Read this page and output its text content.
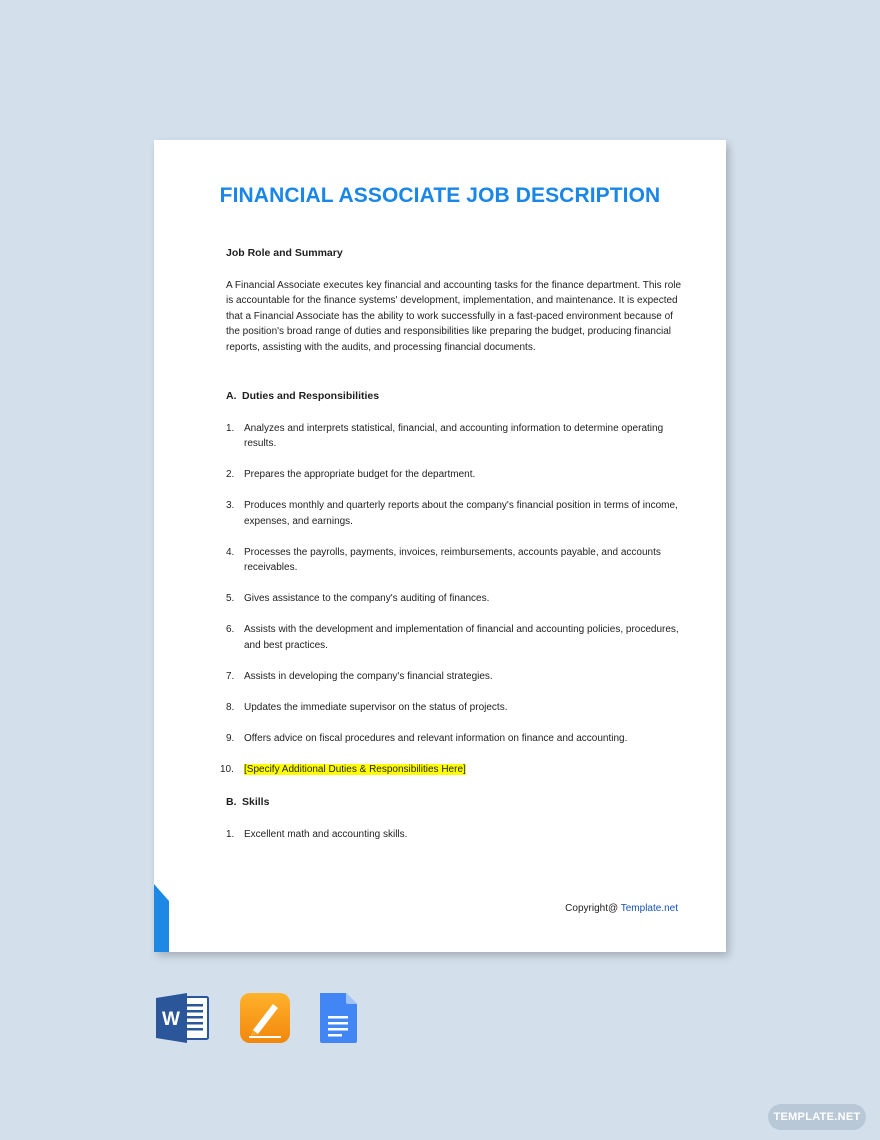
FINANCIAL ASSOCIATE JOB DESCRIPTION
Job Role and Summary

A Financial Associate executes key financial and accounting tasks for the finance department. This role is accountable for the finance systems' development, implementation, and maintenance. It is expected that a Financial Associate has the ability to work successfully in a fast-paced environment because of the position's broad range of duties and responsibilities like preparing the budget, producing financial reports, assisting with the audits, and processing financial documents.

A. Duties and Responsibilities
1. Analyzes and interprets statistical, financial, and accounting information to determine operating results.
2. Prepares the appropriate budget for the department.
3. Produces monthly and quarterly reports about the company's financial position in terms of income, expenses, and earnings.
4. Processes the payrolls, payments, invoices, reimbursements, accounts payable, and accounts receivables.
5. Gives assistance to the company's auditing of finances.
6. Assists with the development and implementation of financial and accounting policies, procedures, and best practices.
7. Assists in developing the company's financial strategies.
8. Updates the immediate supervisor on the status of projects.
9. Offers advice on fiscal procedures and relevant information on finance and accounting.
10.	[Specify Additional Duties & Responsibilities Here]
B. Skills
1. Excellent math and accounting skills.
Copyright@ Template.net
W
TEMPLATE.NET
